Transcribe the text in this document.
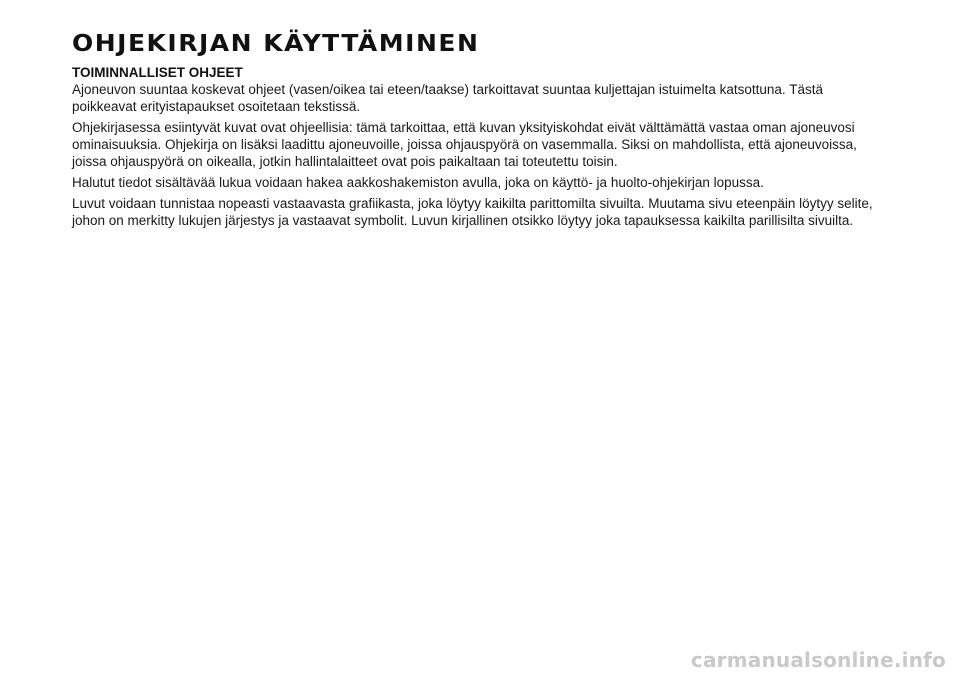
OHJEKIRJAN KÄYTTÄMINEN
TOIMINNALLISET OHJEET

Ajoneuvon suuntaa koskevat ohjeet (vasen/oikea tai eteen/taakse) tarkoittavat suuntaa kuljettajan istuimelta katsottuna. Tästä poikkeavat erityistapaukset osoitetaan tekstissä.

Ohjekirjasessa esiintyvät kuvat ovat ohjeellisia: tämä tarkoittaa, että kuvan yksityiskohdat eivät välttämättä vastaa oman ajoneuvosi ominaisuuksia. Ohjekirja on lisäksi laadittu ajoneuvoille, joissa ohjauspyörä on vasemmalla. Siksi on mahdollista, että ajoneuvoissa, joissa ohjauspyörä on oikealla, jotkin hallintalaitteet ovat pois paikaltaan tai toteutettu toisin.

Halutut tiedot sisältävää lukua voidaan hakea aakkoshakemiston avulla, joka on käyttö- ja huolto-ohjekirjan lopussa.

Luvut voidaan tunnistaa nopeasti vastaavasta grafiikasta, joka löytyy kaikilta parittomilta sivuilta. Muutama sivu eteenpäin löytyy selite, johon on merkitty lukujen järjestys ja vastaavat symbolit. Luvun kirjallinen otsikko löytyy joka tapauksessa kaikilta parillisilta sivuilta.

carmanualsonline.info
